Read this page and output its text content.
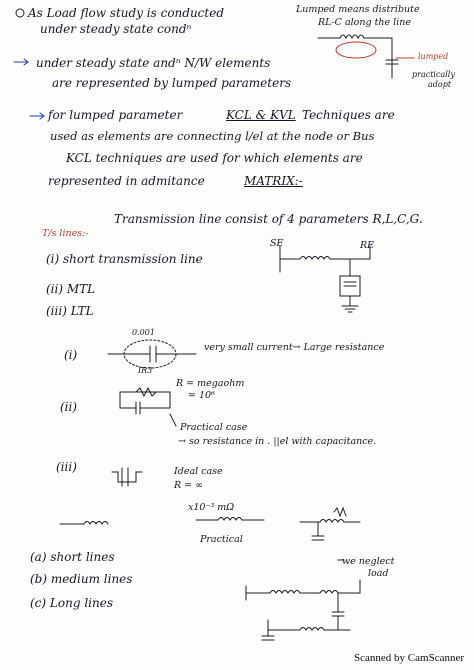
As Load flow study is conducted
under steady state condⁿ
Lumped means distribute
RL-C along the line
lumped
practically
adopt
under steady state andⁿ N/W elements
are represented by lumped parameters
for lumped parameter	KCL & KVL Techniques are
used as elements are connecting l/el at the node or Bus
KCL techniques are used for which elements are
represented in admitance	MATRIX:-
T/s lines:-
Transmission line consist of 4 parameters R,L,C,G.
(i) short transmission line
(ii) MTL
(iii) LTL
SE	RE
(i)
0.001
IR3
very small current→ Large resistance
(ii)
R = megaohm
= 10⁶
Practical case
→ so resistance in . ||el with capacitance.
(iii)	Ideal case
R = ∞
x10⁻³ mΩ
Practical
(a) short lines
(b) medium lines
(c) Long lines
we neglect
load
Scanned by CamScanner
